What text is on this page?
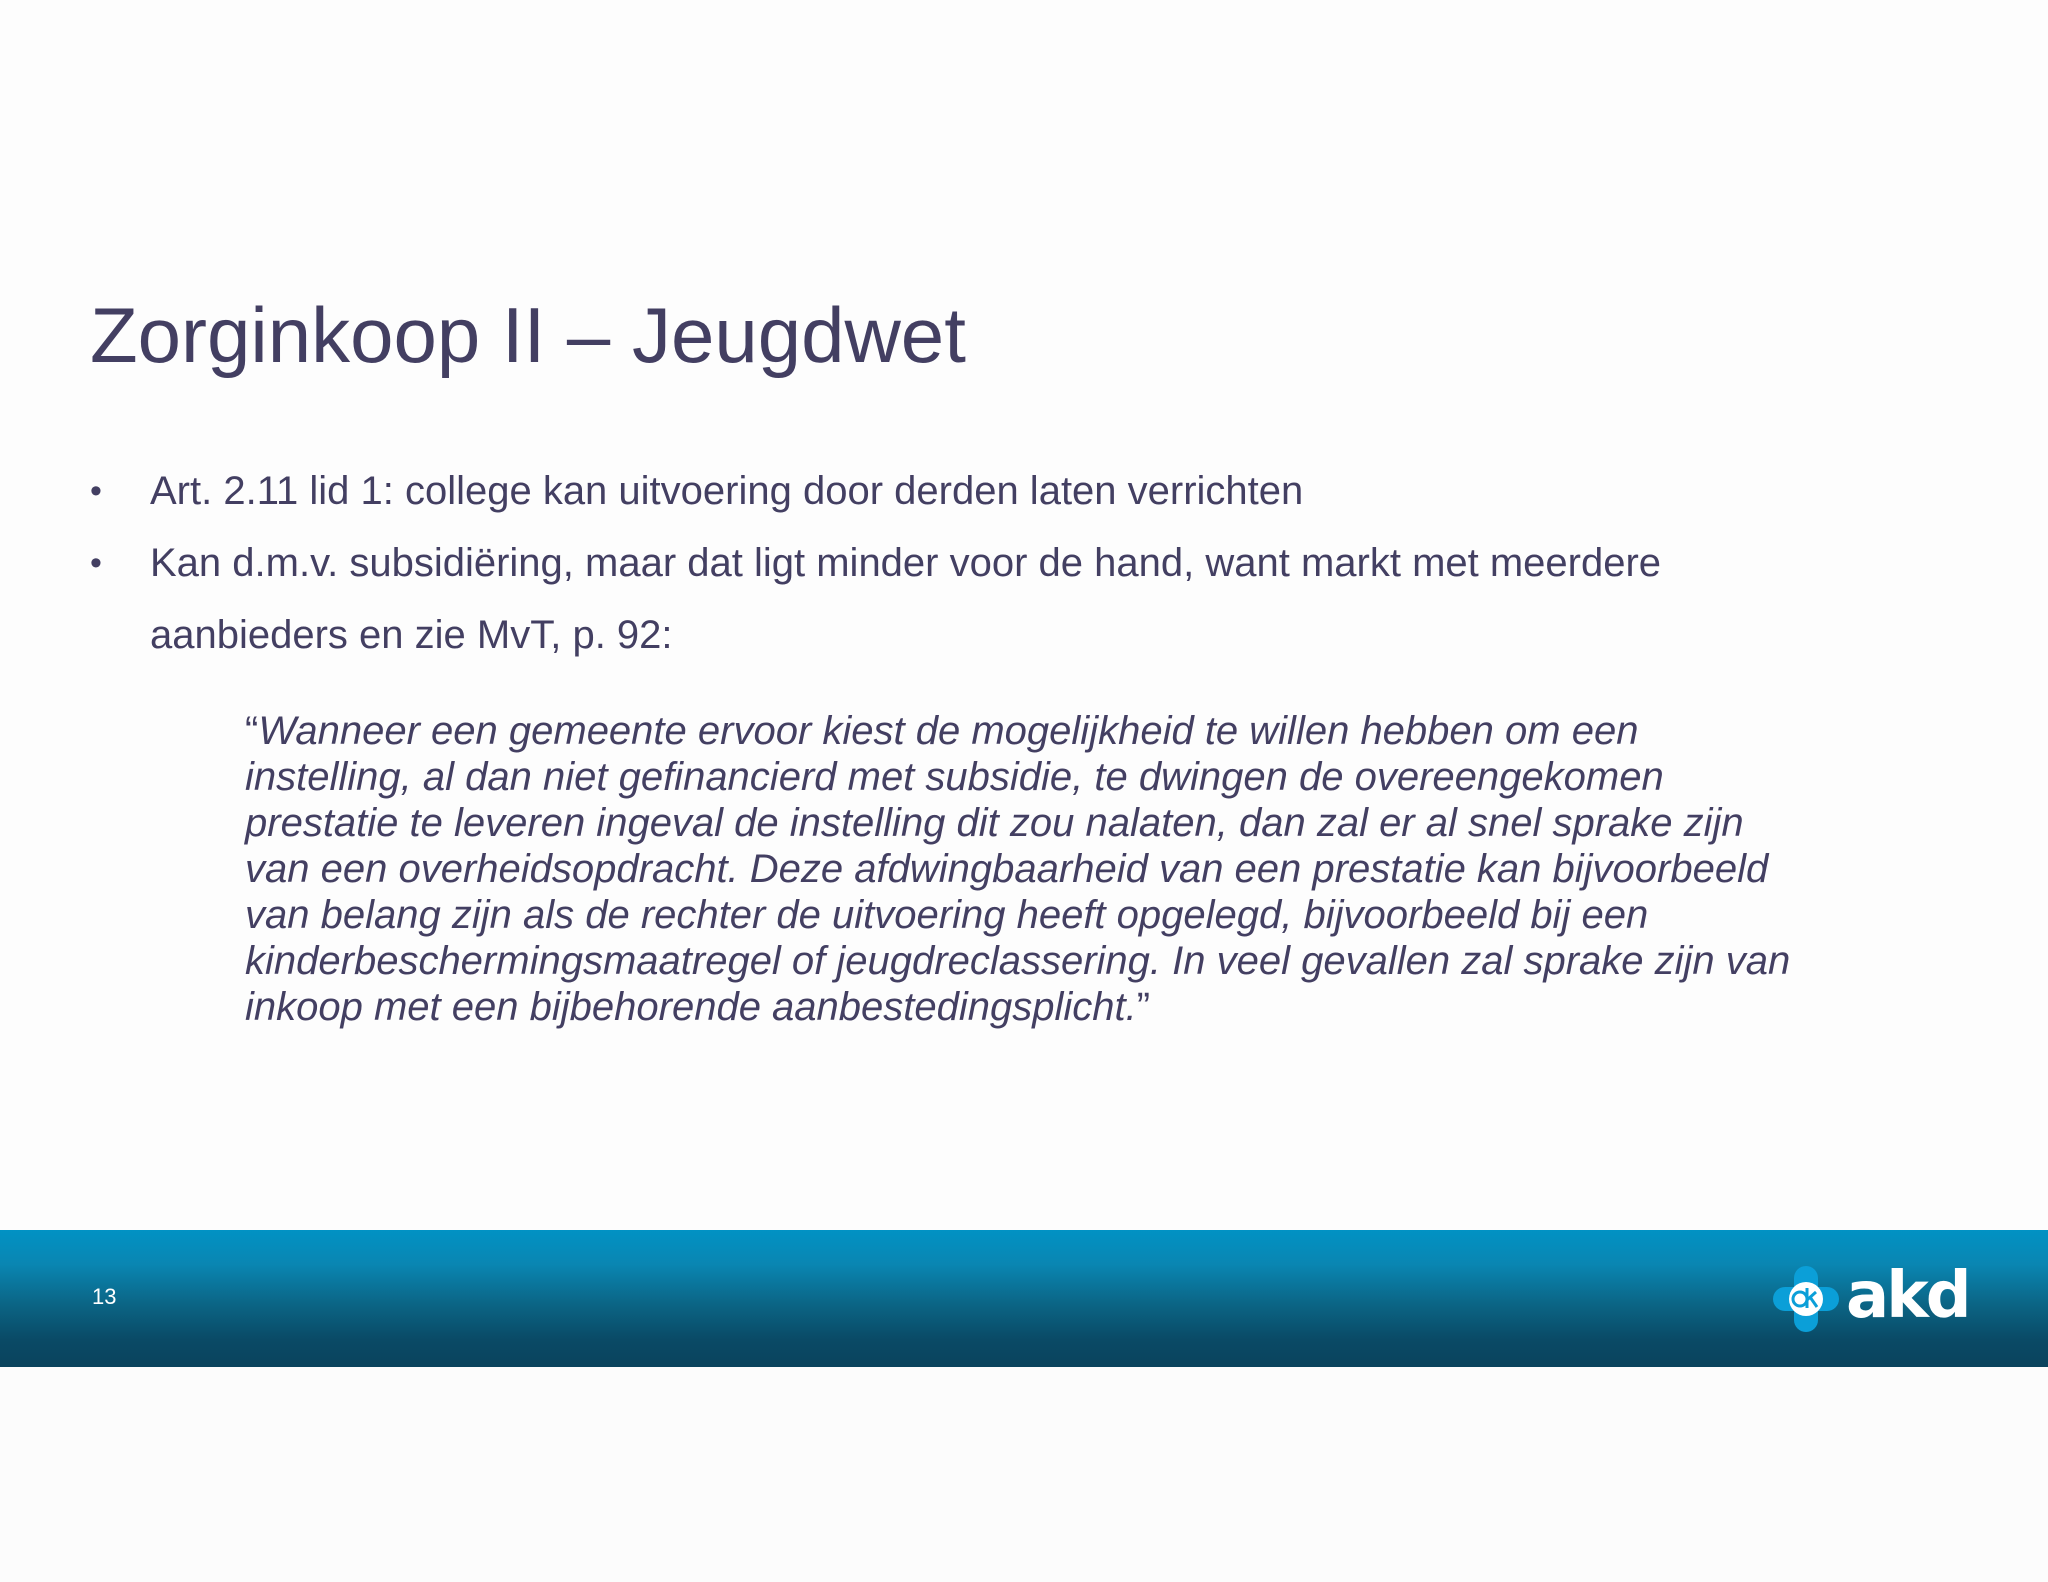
Zorginkoop II – Jeugdwet
•	Art. 2.11 lid 1: college kan uitvoering door derden laten verrichten
•	Kan d.m.v. subsidiëring, maar dat ligt minder voor de hand, want markt met meerdere aanbieders en zie MvT, p. 92:
“Wanneer een gemeente ervoor kiest de mogelijkheid te willen hebben om een instelling, al dan niet gefinancierd met subsidie, te dwingen de overeengekomen prestatie te leveren ingeval de instelling dit zou nalaten, dan zal er al snel sprake zijn van een overheidsopdracht. Deze afdwingbaarheid van een prestatie kan bijvoorbeeld van belang zijn als de rechter de uitvoering heeft opgelegd, bijvoorbeeld bij een kinderbeschermingsmaatregel of jeugdreclassering. In veel gevallen zal sprake zijn van inkoop met een bijbehorende aanbestedingsplicht.”
13	akd
